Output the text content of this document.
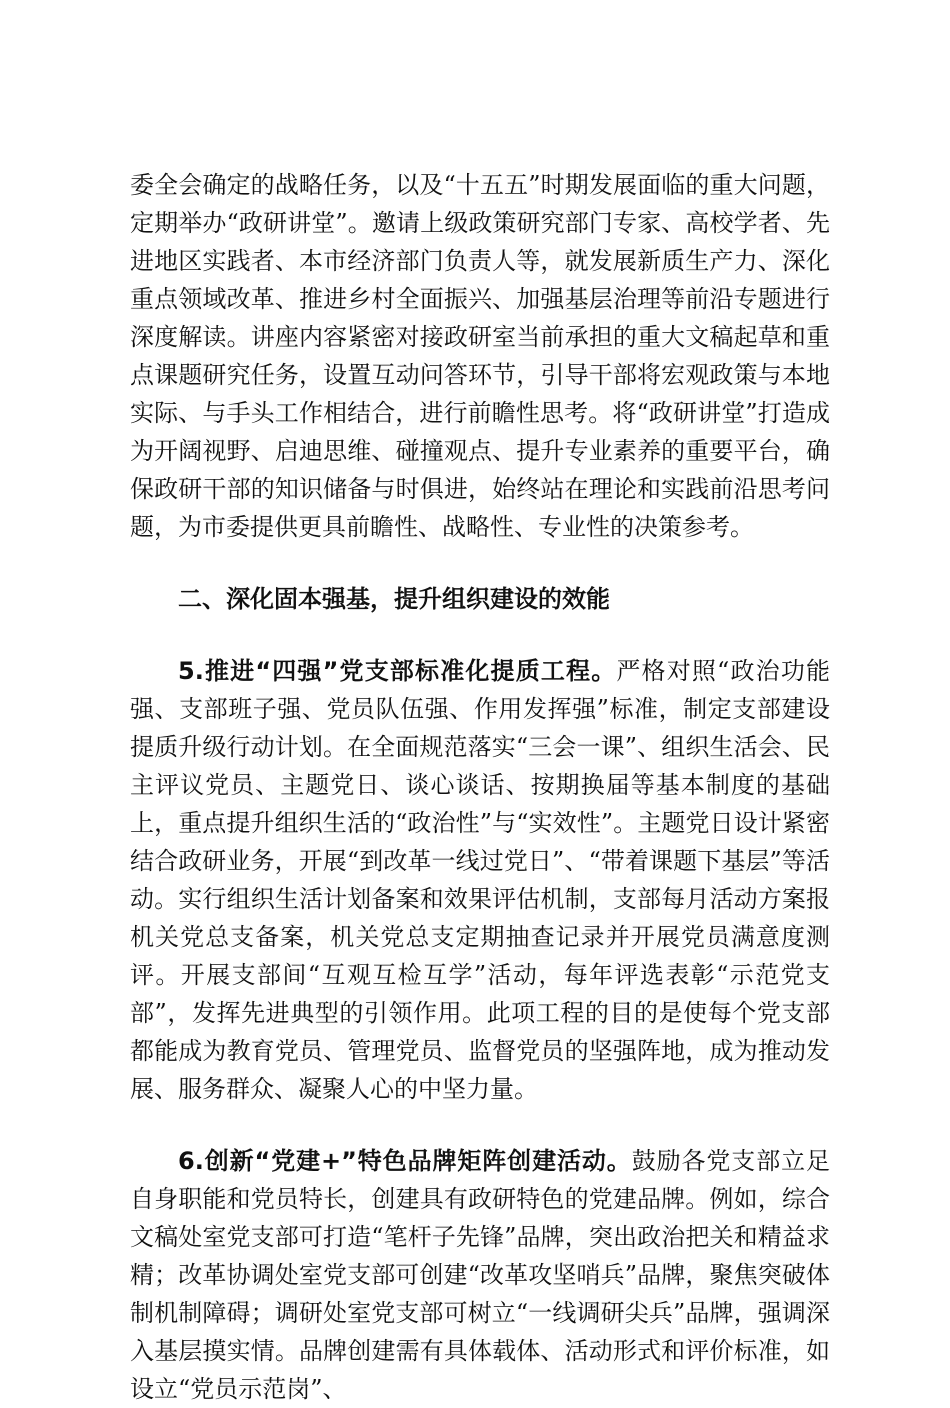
委全会确定的战略任务，以及“十五五”时期发展面临的重大问题，定期举办“政研讲堂”。邀请上级政策研究部门专家、高校学者、先进地区实践者、本市经济部门负责人等，就发展新质生产力、深化重点领域改革、推进乡村全面振兴、加强基层治理等前沿专题进行深度解读。讲座内容紧密对接政研室当前承担的重大文稿起草和重点课题研究任务，设置互动问答环节，引导干部将宏观政策与本地实际、与手头工作相结合，进行前瞻性思考。将“政研讲堂”打造成为开阔视野、启迪思维、碰撞观点、提升专业素养的重要平台，确保政研干部的知识储备与时俱进，始终站在理论和实践前沿思考问题，为市委提供更具前瞻性、战略性、专业性的决策参考。

二、深化固本强基，提升组织建设的效能

5.推进“四强”党支部标准化提质工程。严格对照“政治功能强、支部班子强、党员队伍强、作用发挥强”标准，制定支部建设提质升级行动计划。在全面规范落实“三会一课”、组织生活会、民主评议党员、主题党日、谈心谈话、按期换届等基本制度的基础上，重点提升组织生活的“政治性”与“实效性”。主题党日设计紧密结合政研业务，开展“到改革一线过党日”、“带着课题下基层”等活动。实行组织生活计划备案和效果评估机制，支部每月活动方案报机关党总支备案，机关党总支定期抽查记录并开展党员满意度测评。开展支部间“互观互检互学”活动，每年评选表彰“示范党支部”，发挥先进典型的引领作用。此项工程的目的是使每个党支部都能成为教育党员、管理党员、监督党员的坚强阵地，成为推动发展、服务群众、凝聚人心的中坚力量。

6.创新“党建+”特色品牌矩阵创建活动。鼓励各党支部立足自身职能和党员特长，创建具有政研特色的党建品牌。例如，综合文稿处室党支部可打造“笔杆子先锋”品牌，突出政治把关和精益求精；改革协调处室党支部可创建“改革攻坚哨兵”品牌，聚焦突破体制机制障碍；调研处室党支部可树立“一线调研尖兵”品牌，强调深入基层摸实情。品牌创建需有具体载体、活动形式和评价标准，如设立“党员示范岗”、
